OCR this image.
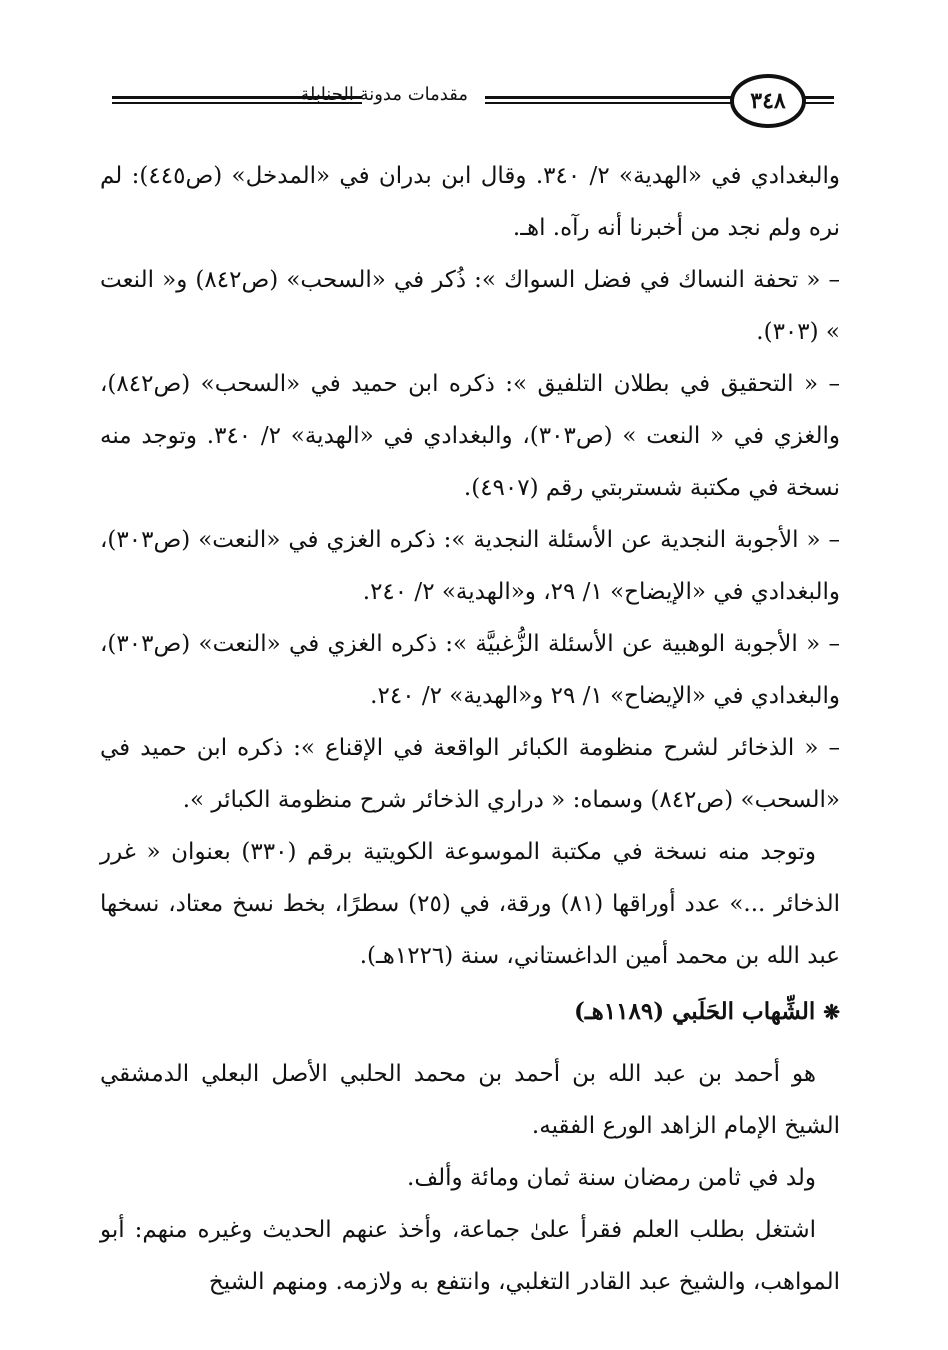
مقدمات مدونة الحنابلة	٣٤٨

والبغدادي في «الهدية» ٢/ ٣٤٠. وقال ابن بدران في «المدخل» (ص٤٤٥): لم نره ولم نجد من أخبرنا أنه رآه. اهـ.

– « تحفة النساك في فضل السواك »: ذُكر في «السحب» (ص٨٤٢) و« النعت » (٣٠٣).

– « التحقيق في بطلان التلفيق »: ذكره ابن حميد في «السحب» (ص٨٤٢)، والغزي في « النعت » (ص٣٠٣)، والبغدادي في «الهدية» ٢/ ٣٤٠. وتوجد منه نسخة في مكتبة شستربتي رقم (٤٩٠٧).

– « الأجوبة النجدية عن الأسئلة النجدية »: ذكره الغزي في «النعت» (ص٣٠٣)، والبغدادي في «الإيضاح» ١/ ٢٩، و«الهدية» ٢/ ٢٤٠.

– « الأجوبة الوهبية عن الأسئلة الزُّغبيَّة »: ذكره الغزي في «النعت» (ص٣٠٣)، والبغدادي في «الإيضاح» ١/ ٢٩ و«الهدية» ٢/ ٢٤٠.

– « الذخائر لشرح منظومة الكبائر الواقعة في الإقناع »: ذكره ابن حميد في «السحب» (ص٨٤٢) وسماه: « دراري الذخائر شرح منظومة الكبائر ».

وتوجد منه نسخة في مكتبة الموسوعة الكويتية برقم (٣٣٠) بعنوان « غرر الذخائر ...» عدد أوراقها (٨١) ورقة، في (٢٥) سطرًا، بخط نسخ معتاد، نسخها عبد الله بن محمد أمين الداغستاني، سنة (١٢٢٦هـ).

❋الشِّهاب الحَلَبي (١١٨٩هـ)

هو أحمد بن عبد الله بن أحمد بن محمد الحلبي الأصل البعلي الدمشقي الشيخ الإمام الزاهد الورع الفقيه.

ولد في ثامن رمضان سنة ثمان ومائة وألف.

اشتغل بطلب العلم فقرأ علىٰ جماعة، وأخذ عنهم الحديث وغيره منهم: أبو المواهب، والشيخ عبد القادر التغلبي، وانتفع به ولازمه. ومنهم الشيخ
